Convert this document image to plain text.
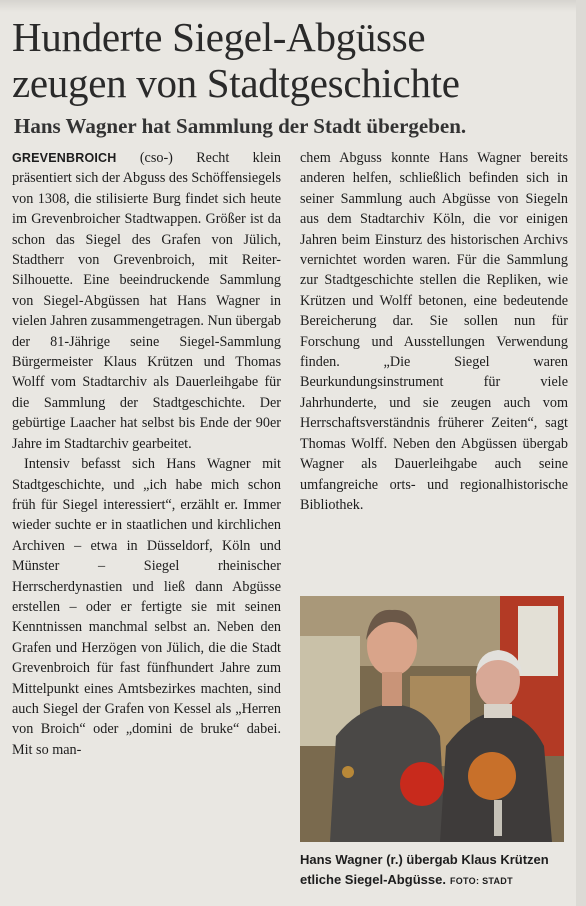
Hunderte Siegel-Abgüsse
zeugen von Stadtgeschichte
Hans Wagner hat Sammlung der Stadt übergeben.

GREVENBROICH (cso-) Recht klein präsentiert sich der Abguss des Schöffensiegels von 1308, die stilisierte Burg findet sich heute im Grevenbroicher Stadtwappen. Größer ist da schon das Siegel des Grafen von Jülich, Stadtherr von Grevenbroich, mit Reiter-Silhouette. Eine beeindruckende Sammlung von Siegel-Abgüssen hat Hans Wagner in vielen Jahren zusammengetragen. Nun übergab der 81-Jährige seine Siegel-Sammlung Bürgermeister Klaus Krützen und Thomas Wolff vom Stadtarchiv als Dauerleihgabe für die Sammlung der Stadtgeschichte. Der gebürtige Laacher hat selbst bis Ende der 90er Jahre im Stadtarchiv gearbeitet.

Intensiv befasst sich Hans Wagner mit Stadtgeschichte, und „ich habe mich schon früh für Siegel interessiert“, erzählt er. Immer wieder suchte er in staatlichen und kirchlichen Archiven – etwa in Düsseldorf, Köln und Münster – Siegel rheinischer Herrscherdynastien und ließ dann Abgüsse erstellen – oder er fertigte sie mit seinen Kenntnissen manchmal selbst an. Neben den Grafen und Herzögen von Jülich, die die Stadt Grevenbroich für fast fünfhundert Jahre zum Mittelpunkt eines Amtsbezirkes machten, sind auch Siegel der Grafen von Kessel als „Herren von Broich“ oder „domini de bruke“ dabei. Mit so man-

chem Abguss konnte Hans Wagner bereits anderen helfen, schließlich befinden sich in seiner Sammlung auch Abgüsse von Siegeln aus dem Stadtarchiv Köln, die vor einigen Jahren beim Einsturz des historischen Archivs vernichtet worden waren. Für die Sammlung zur Stadtgeschichte stellen die Repliken, wie Krützen und Wolff betonen, eine bedeutende Bereicherung dar. Sie sollen nun für Forschung und Ausstellungen Verwendung finden. „Die Siegel waren Beurkundungsinstrument für viele Jahrhunderte, und sie zeugen auch vom Herrschaftsverständnis früherer Zeiten“, sagt Thomas Wolff. Neben den Abgüssen übergab Wagner als Dauerleihgabe auch seine umfangreiche orts- und regionalhistorische Bibliothek.

Hans Wagner (r.) übergab Klaus Krützen etliche Siegel-Abgüsse. FOTO: STADT
